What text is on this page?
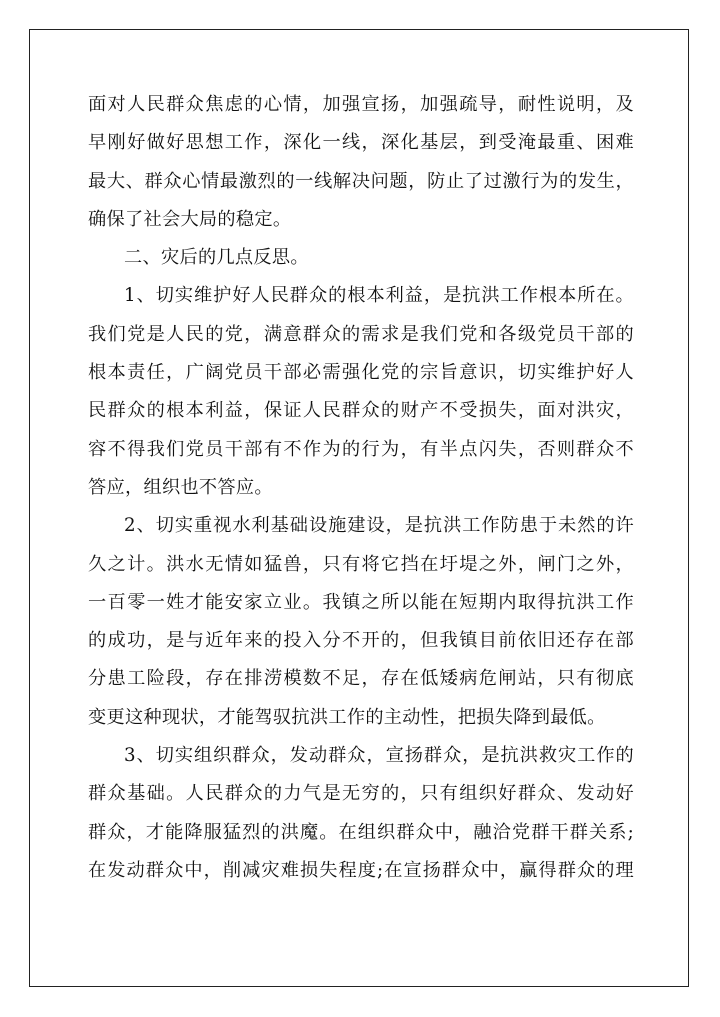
面对人民群众焦虑的心情，加强宣扬，加强疏导，耐性说明，及
早刚好做好思想工作，深化一线，深化基层，到受淹最重、困难
最大、群众心情最激烈的一线解决问题，防止了过激行为的发生，
确保了社会大局的稳定。
二、灾后的几点反思。
1、切实维护好人民群众的根本利益，是抗洪工作根本所在。
我们党是人民的党，满意群众的需求是我们党和各级党员干部的
根本责任，广阔党员干部必需强化党的宗旨意识，切实维护好人
民群众的根本利益，保证人民群众的财产不受损失，面对洪灾，
容不得我们党员干部有不作为的行为，有半点闪失，否则群众不
答应，组织也不答应。
2、切实重视水利基础设施建设，是抗洪工作防患于未然的许
久之计。洪水无情如猛兽，只有将它挡在圩堤之外，闸门之外，
一百零一姓才能安家立业。我镇之所以能在短期内取得抗洪工作
的成功，是与近年来的投入分不开的，但我镇目前依旧还存在部
分患工险段，存在排涝模数不足，存在低矮病危闸站，只有彻底
变更这种现状，才能驾驭抗洪工作的主动性，把损失降到最低。
3、切实组织群众，发动群众，宣扬群众，是抗洪救灾工作的
群众基础。人民群众的力气是无穷的，只有组织好群众、发动好
群众，才能降服猛烈的洪魔。在组织群众中，融洽党群干群关系;
在发动群众中，削减灾难损失程度;在宣扬群众中，赢得群众的理
